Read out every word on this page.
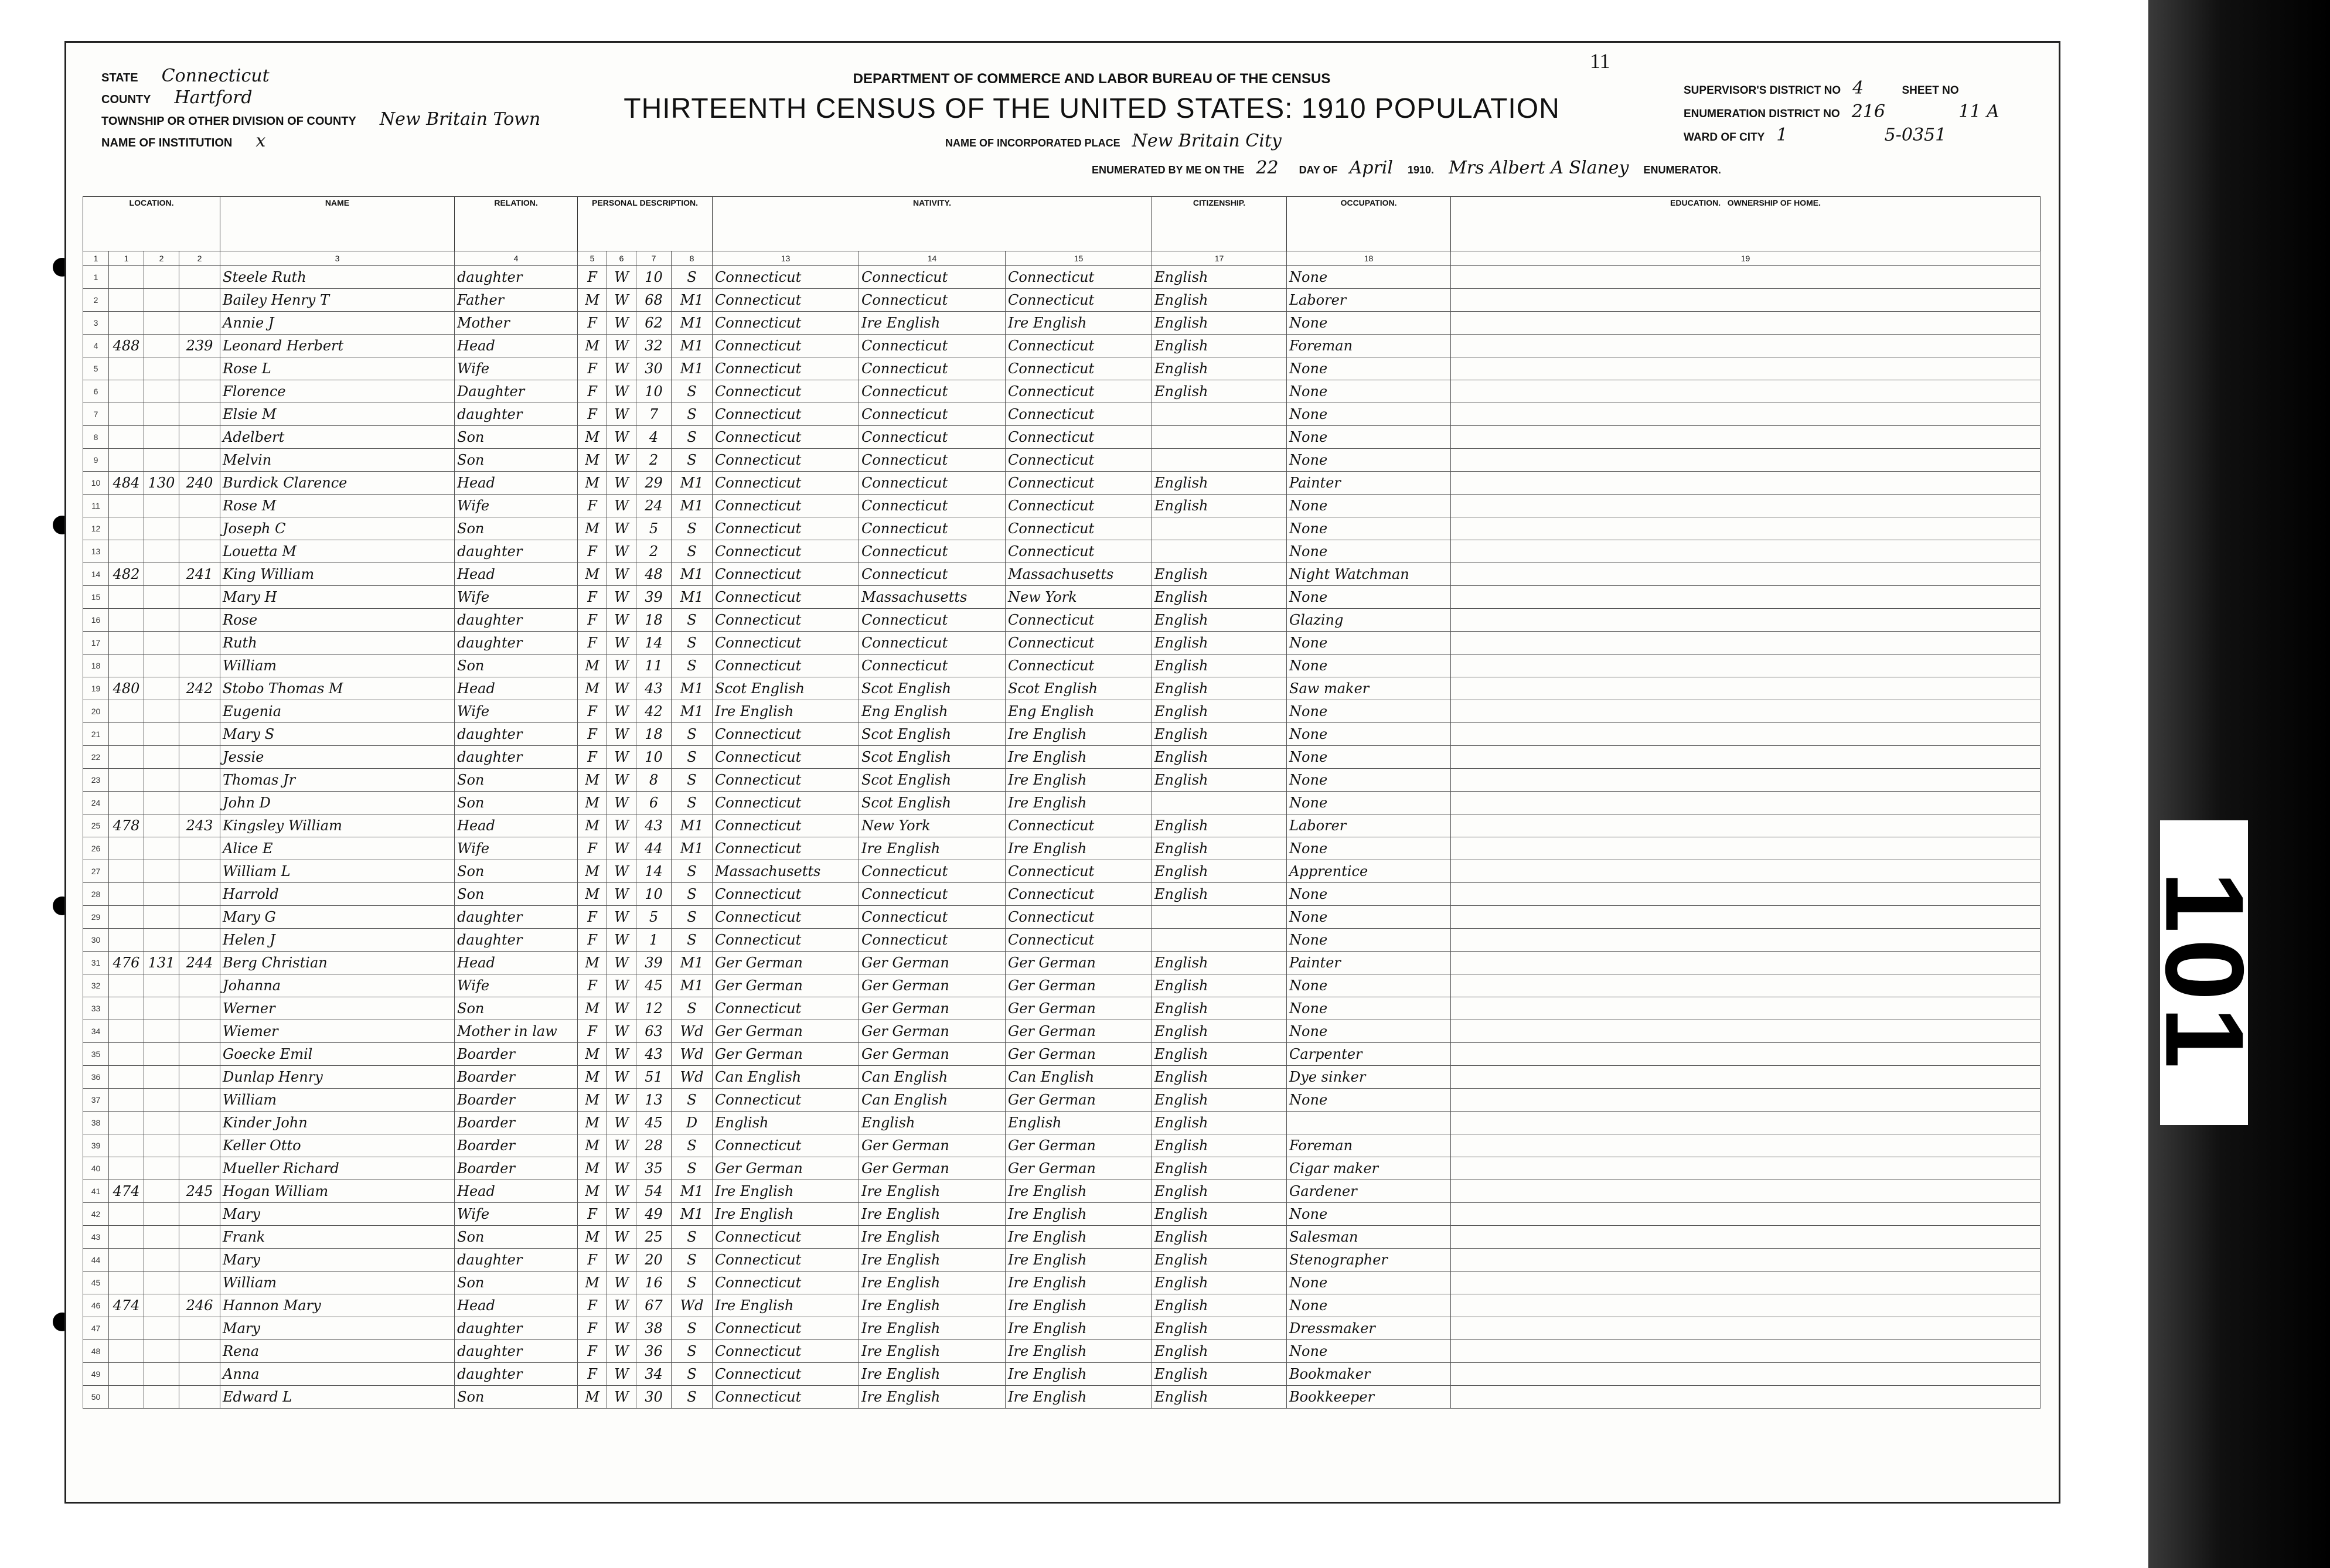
101
11
STATE Connecticut
COUNTY Hartford
TOWNSHIP OR OTHER DIVISION OF COUNTY New Britain Town
NAME OF INSTITUTION x
DEPARTMENT OF COMMERCE AND LABOR BUREAU OF THE CENSUS
THIRTEENTH CENSUS OF THE UNITED STATES: 1910 POPULATION
NAME OF INCORPORATED PLACE New Britain City
ENUMERATED BY ME ON THE 22 DAY OF April 1910. Mrs Albert A Slaney ENUMERATOR.
SUPERVISOR'S DISTRICT NO 4	SHEET NO
ENUMERATION DISTRICT NO 216	11 A
WARD OF CITY 1	5-0351
LOCATION.				NAME	RELATION.	PERSONAL DESCRIPTION.				NATIVITY.			CITIZENSHIP.	OCCUPATION.	EDUCATION. OWNERSHIP OF HOME.
1	1	2	2	3	4	5	6	7	8	13	14	15	17	18	19
1				Steele Ruth	daughter	F	W	10	S	Connecticut	Connecticut	Connecticut	English	None	
2				Bailey Henry T	Father	M	W	68	M1	Connecticut	Connecticut	Connecticut	English	Laborer	
3				Annie J	Mother	F	W	62	M1	Connecticut	Ire English	Ire English	English	None	
4	488		239	Leonard Herbert	Head	M	W	32	M1	Connecticut	Connecticut	Connecticut	English	Foreman	
5				Rose L	Wife	F	W	30	M1	Connecticut	Connecticut	Connecticut	English	None	
6				Florence	Daughter	F	W	10	S	Connecticut	Connecticut	Connecticut	English	None	
7				Elsie M	daughter	F	W	7	S	Connecticut	Connecticut	Connecticut		None	
8				Adelbert	Son	M	W	4	S	Connecticut	Connecticut	Connecticut		None	
9				Melvin	Son	M	W	2	S	Connecticut	Connecticut	Connecticut		None	
10	484	130	240	Burdick Clarence	Head	M	W	29	M1	Connecticut	Connecticut	Connecticut	English	Painter	
11				Rose M	Wife	F	W	24	M1	Connecticut	Connecticut	Connecticut	English	None	
12				Joseph C	Son	M	W	5	S	Connecticut	Connecticut	Connecticut		None	
13				Louetta M	daughter	F	W	2	S	Connecticut	Connecticut	Connecticut		None	
14	482		241	King William	Head	M	W	48	M1	Connecticut	Connecticut	Massachusetts	English	Night Watchman	
15				Mary H	Wife	F	W	39	M1	Connecticut	Massachusetts	New York	English	None	
16				Rose	daughter	F	W	18	S	Connecticut	Connecticut	Connecticut	English	Glazing	
17				Ruth	daughter	F	W	14	S	Connecticut	Connecticut	Connecticut	English	None	
18				William	Son	M	W	11	S	Connecticut	Connecticut	Connecticut	English	None	
19	480		242	Stobo Thomas M	Head	M	W	43	M1	Scot English	Scot English	Scot English	English	Saw maker	
20				Eugenia	Wife	F	W	42	M1	Ire English	Eng English	Eng English	English	None	
21				Mary S	daughter	F	W	18	S	Connecticut	Scot English	Ire English	English	None	
22				Jessie	daughter	F	W	10	S	Connecticut	Scot English	Ire English	English	None	
23				Thomas Jr	Son	M	W	8	S	Connecticut	Scot English	Ire English	English	None	
24				John D	Son	M	W	6	S	Connecticut	Scot English	Ire English		None	
25	478		243	Kingsley William	Head	M	W	43	M1	Connecticut	New York	Connecticut	English	Laborer	
26				Alice E	Wife	F	W	44	M1	Connecticut	Ire English	Ire English	English	None	
27				William L	Son	M	W	14	S	Massachusetts	Connecticut	Connecticut	English	Apprentice	
28				Harrold	Son	M	W	10	S	Connecticut	Connecticut	Connecticut	English	None	
29				Mary G	daughter	F	W	5	S	Connecticut	Connecticut	Connecticut		None	
30				Helen J	daughter	F	W	1	S	Connecticut	Connecticut	Connecticut		None	
31	476	131	244	Berg Christian	Head	M	W	39	M1	Ger German	Ger German	Ger German	English	Painter	
32				Johanna	Wife	F	W	45	M1	Ger German	Ger German	Ger German	English	None	
33				Werner	Son	M	W	12	S	Connecticut	Ger German	Ger German	English	None	
34				Wiemer	Mother in law	F	W	63	Wd	Ger German	Ger German	Ger German	English	None	
35				Goecke Emil	Boarder	M	W	43	Wd	Ger German	Ger German	Ger German	English	Carpenter	
36				Dunlap Henry	Boarder	M	W	51	Wd	Can English	Can English	Can English	English	Dye sinker	
37				William	Boarder	M	W	13	S	Connecticut	Can English	Ger German	English	None	
38				Kinder John	Boarder	M	W	45	D	English	English	English	English		
39				Keller Otto	Boarder	M	W	28	S	Connecticut	Ger German	Ger German	English	Foreman	
40				Mueller Richard	Boarder	M	W	35	S	Ger German	Ger German	Ger German	English	Cigar maker	
41	474		245	Hogan William	Head	M	W	54	M1	Ire English	Ire English	Ire English	English	Gardener	
42				Mary	Wife	F	W	49	M1	Ire English	Ire English	Ire English	English	None	
43				Frank	Son	M	W	25	S	Connecticut	Ire English	Ire English	English	Salesman	
44				Mary	daughter	F	W	20	S	Connecticut	Ire English	Ire English	English	Stenographer	
45				William	Son	M	W	16	S	Connecticut	Ire English	Ire English	English	None	
46	474		246	Hannon Mary	Head	F	W	67	Wd	Ire English	Ire English	Ire English	English	None	
47				Mary	daughter	F	W	38	S	Connecticut	Ire English	Ire English	English	Dressmaker	
48				Rena	daughter	F	W	36	S	Connecticut	Ire English	Ire English	English	None	
49				Anna	daughter	F	W	34	S	Connecticut	Ire English	Ire English	English	Bookmaker	
50				Edward L	Son	M	W	30	S	Connecticut	Ire English	Ire English	English	Bookkeeper	
